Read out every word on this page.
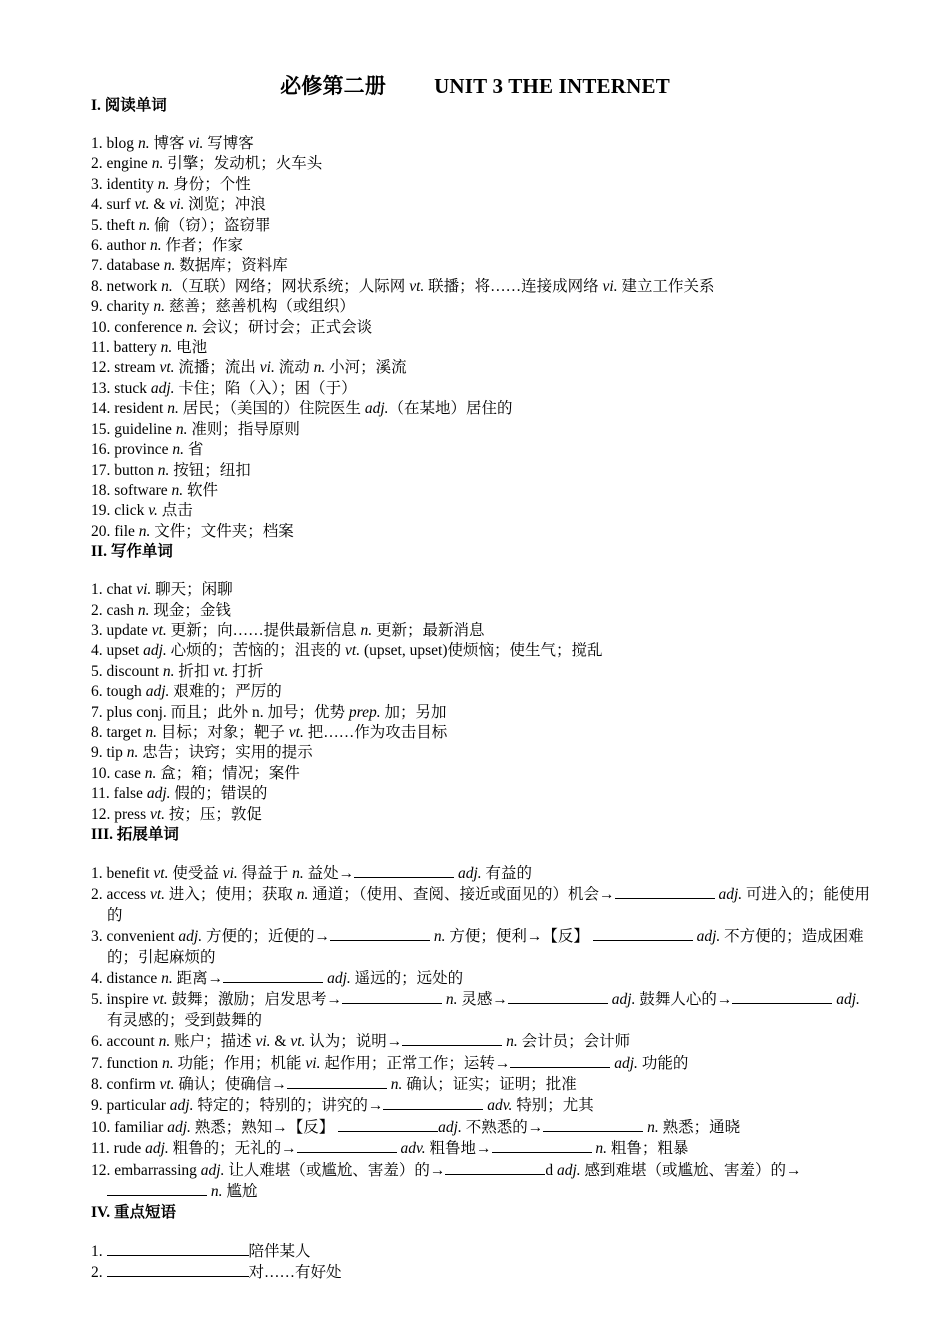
必修第二册 UNIT 3 THE INTERNET
I. 阅读单词
1. blog n. 博客 vi. 写博客
2. engine n. 引擎；发动机；火车头
3. identity n. 身份；个性
4. surf vt. & vi. 浏览；冲浪
5. theft n. 偷（窃）；盗窃罪
6. author n. 作者；作家
7. database n. 数据库；资料库
8. network n.（互联）网络；网状系统；人际网 vt. 联播；将……连接成网络 vi. 建立工作关系
9. charity n. 慈善；慈善机构（或组织）
10. conference n. 会议；研讨会；正式会谈
11. battery n. 电池
12. stream vt. 流播；流出 vi. 流动 n. 小河；溪流
13. stuck adj. 卡住；陷（入）；困（于）
14. resident n. 居民；（美国的）住院医生 adj.（在某地）居住的
15. guideline n. 准则；指导原则
16. province n. 省
17. button n. 按钮；纽扣
18. software n. 软件
19. click v. 点击
20. file n. 文件；文件夹；档案
II. 写作单词
1. chat vi. 聊天；闲聊
2. cash n. 现金；金钱
3. update vt. 更新；向……提供最新信息 n. 更新；最新消息
4. upset adj. 心烦的；苦恼的；沮丧的 vt. (upset, upset)使烦恼；使生气；搅乱
5. discount n. 折扣 vt. 打折
6. tough adj. 艰难的；严厉的
7. plus conj. 而且；此外 n. 加号；优势 prep. 加；另加
8. target n. 目标；对象；靶子 vt. 把……作为攻击目标
9. tip n. 忠告；诀窍；实用的提示
10. case n. 盒；箱；情况；案件
11. false adj. 假的；错误的
12. press vt. 按；压；敦促
III. 拓展单词
1. benefit vt. 使受益 vi. 得益于 n. 益处→	adj. 有益的
2. access vt. 进入；使用；获取 n. 通道；（使用、查阅、接近或面见的）机会→	adj. 可进入的；能使用的
3. convenient adj. 方便的；近便的→	n. 方便；便利→【反】	adj. 不方便的；造成困难的；引起麻烦的
4. distance n. 距离→	adj. 遥远的；远处的
5. inspire vt. 鼓舞；激励；启发思考→	n. 灵感→	adj. 鼓舞人心的→	adj. 有灵感的；受到鼓舞的
6. account n. 账户；描述 vi. & vt. 认为；说明→	n. 会计员；会计师
7. function n. 功能；作用；机能 vi. 起作用；正常工作；运转→	adj. 功能的
8. confirm vt. 确认；使确信→	n. 确认；证实；证明；批准
9. particular adj. 特定的；特别的；讲究的→	adv. 特别；尤其
10. familiar adj. 熟悉；熟知→【反】	adj. 不熟悉的→	n. 熟悉；通晓
11. rude adj. 粗鲁的；无礼的→	adv. 粗鲁地→	n. 粗鲁；粗暴
12. embarrassing adj. 让人难堪（或尴尬、害羞）的→	d adj. 感到难堪（或尴尬、害羞）的→ n. 尴尬
IV. 重点短语
1.	陪伴某人
2.	对……有好处
